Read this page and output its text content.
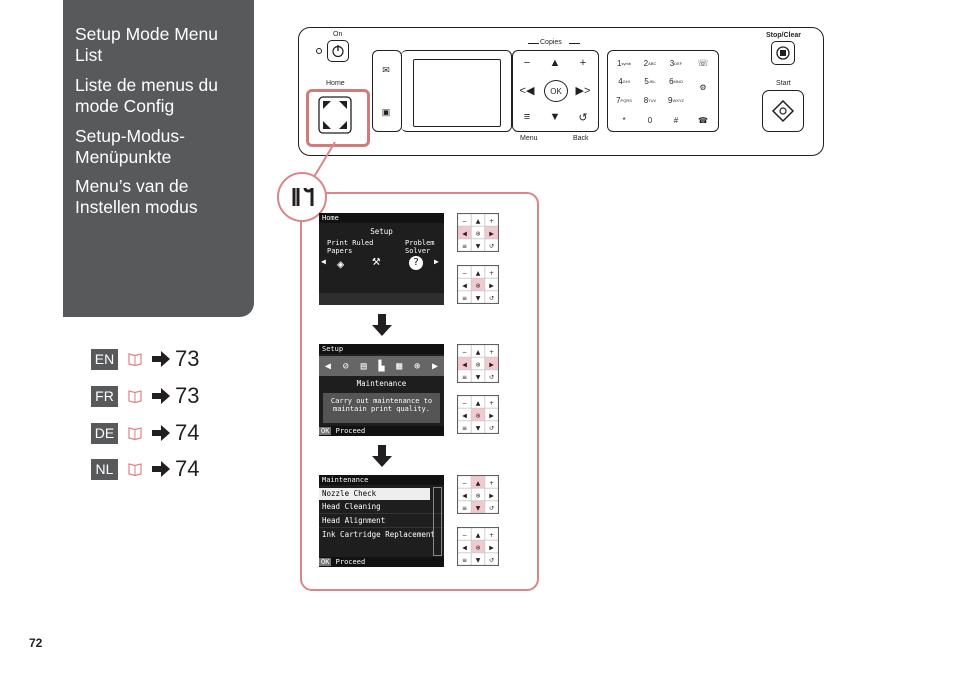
Setup Mode Menu List
Liste de menus du mode Config
Setup-Modus-Menüpunkte
Menu’s van de Instellen modus
EN	73
FR	73
DE	74
NL	74
72
On
Home
✉
▣
Copies
−	▲	+
<◀	OK	▶>
≡	▼	↺
Menu	Back
1 symb 2 ABC 3 DEF
4 GHI 5 JKL 6 MNO
7 PQRS 8 TUV 9 WXYZ
*	0	#
☏
⚙
☎
Stop/Clear
Start
Home
Setup
Print Ruled
Papers
Problem
Solver
◀	▶
⚒	?
◈
Setup
◀ ⊘ ▤ ▙ ▦ ⊕ ▶
Maintenance
Carry out maintenance to
maintain print quality.
OK Proceed
Maintenance
Nozzle Check
Head Cleaning
Head Alignment
Ink Cartridge Replacement
OK Proceed
− ▲ +
◀ ⊛ ▶
≡ ▼ ↺
− ▲ +
◀ ⊛ ▶
≡ ▼ ↺
− ▲ +
◀ ⊛ ▶
≡ ▼ ↺
− ▲ +
◀ ⊛ ▶
≡ ▼ ↺
− ▲ +
◀ ⊛ ▶
≡ ▼ ↺
− ▲ +
◀ ⊛ ▶
≡ ▼ ↺
